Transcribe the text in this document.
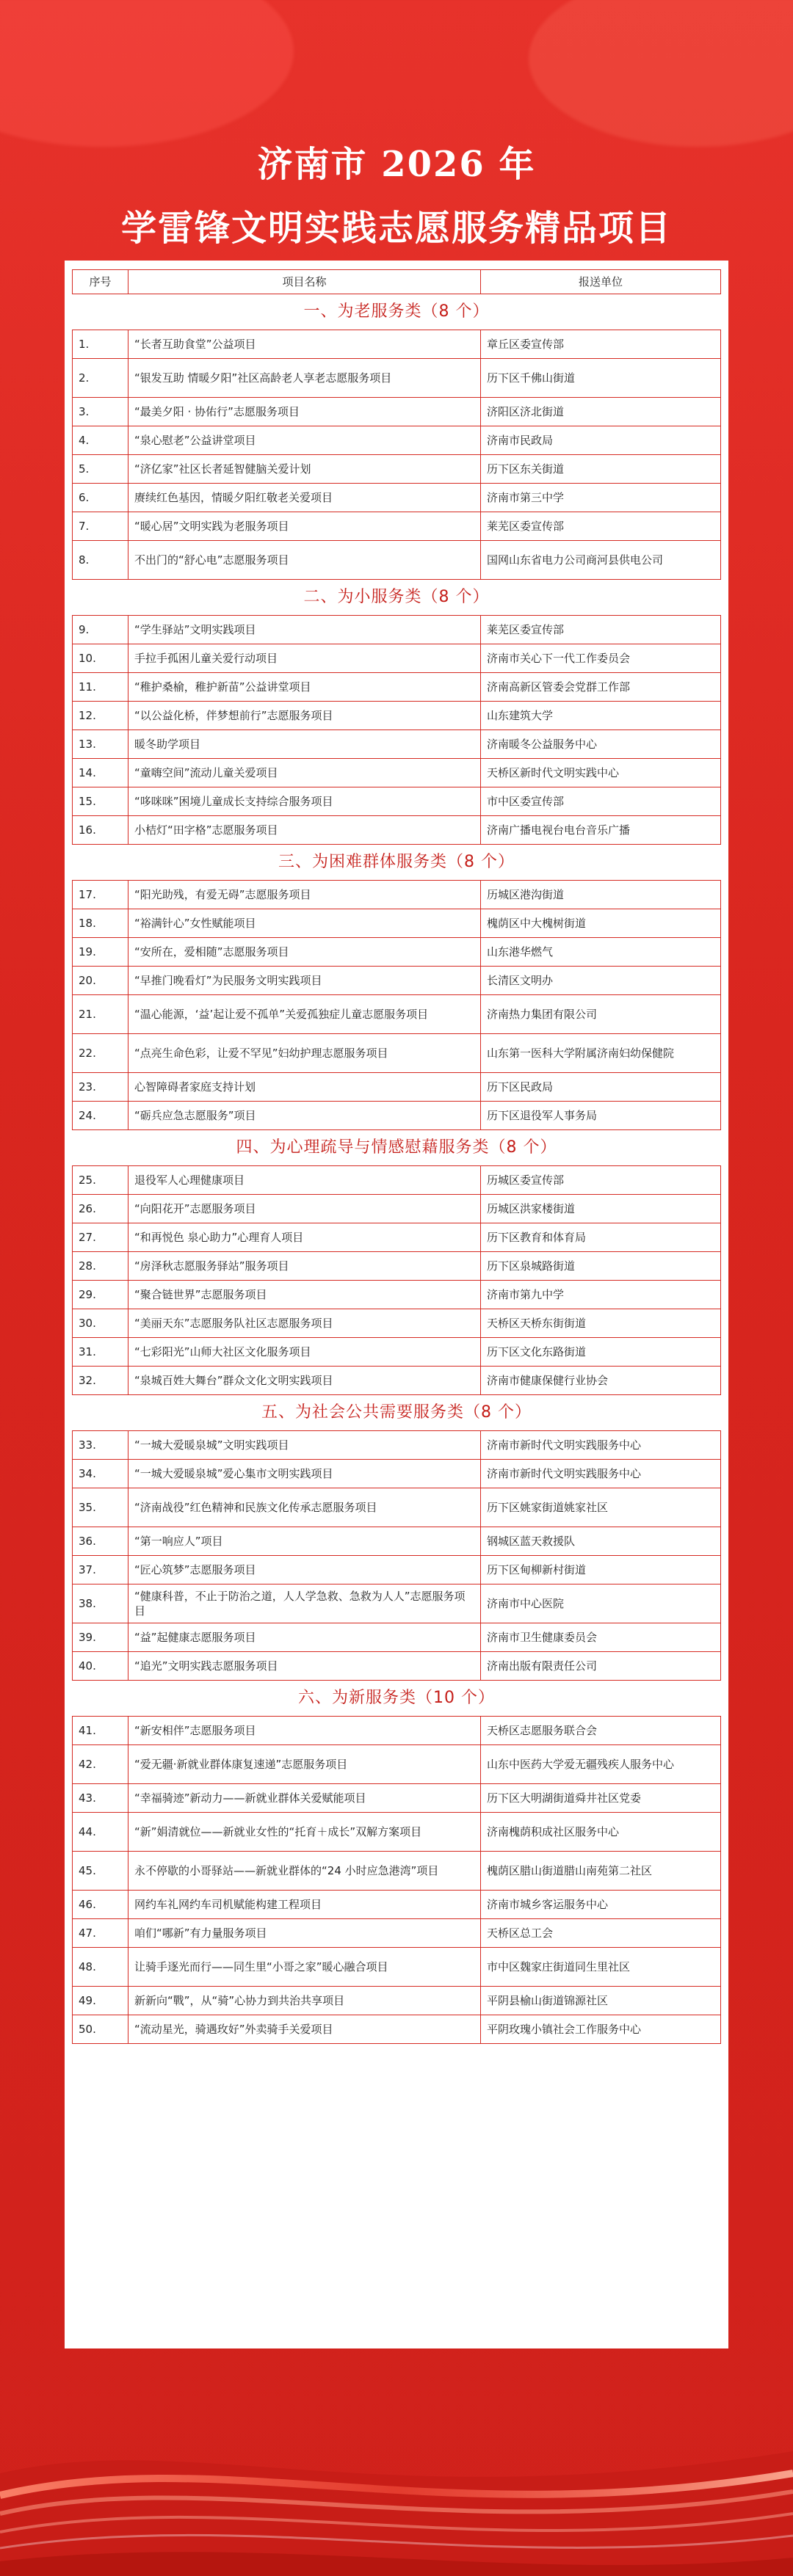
济南市 2026 年
学雷锋文明实践志愿服务精品项目
序号	项目名称	报送单位
一、为老服务类（8 个）		
1.	“长者互助食堂”公益项目	章丘区委宣传部
2.	“银发互助 情暖夕阳”社区高龄老人享老志愿服务项目	历下区千佛山街道
3.	“最美夕阳 · 协佑行”志愿服务项目	济阳区济北街道
4.	“泉心慰老”公益讲堂项目	济南市民政局
5.	“济亿家”社区长者延智健脑关爱计划	历下区东关街道
6.	赓续红色基因，情暖夕阳红敬老关爱项目	济南市第三中学
7.	“暖心居”文明实践为老服务项目	莱芜区委宣传部
8.	不出门的“舒心电”志愿服务项目	国网山东省电力公司商河县供电公司
二、为小服务类（8 个）		
9.	“学生驿站”文明实践项目	莱芜区委宣传部
10.	手拉手孤困儿童关爱行动项目	济南市关心下一代工作委员会
11.	“稚护桑榆，稚护新苗”公益讲堂项目	济南高新区管委会党群工作部
12.	“以公益化桥，伴梦想前行”志愿服务项目	山东建筑大学
13.	暖冬助学项目	济南暖冬公益服务中心
14.	“童嗨空间”流动儿童关爱项目	天桥区新时代文明实践中心
15.	“哆咪咪”困境儿童成长支持综合服务项目	市中区委宣传部
16.	小桔灯“田字格”志愿服务项目	济南广播电视台电台音乐广播
三、为困难群体服务类（8 个）		
17.	“阳光助残，有爱无碍”志愿服务项目	历城区港沟街道
18.	“裕满针心”女性赋能项目	槐荫区中大槐树街道
19.	“安所在，爱相随”志愿服务项目	山东港华燃气
20.	“早推门晚看灯”为民服务文明实践项目	长清区文明办
21.	“温心能源，‘益’起让爱不孤单”关爱孤独症儿童志愿服务项目	济南热力集团有限公司
22.	“点亮生命色彩，让爱不罕见”妇幼护理志愿服务项目	山东第一医科大学附属济南妇幼保健院
23.	心智障碍者家庭支持计划	历下区民政局
24.	“砺兵应急志愿服务”项目	历下区退役军人事务局
四、为心理疏导与情感慰藉服务类（8 个）		
25.	退役军人心理健康项目	历城区委宣传部
26.	“向阳花开”志愿服务项目	历城区洪家楼街道
27.	“和再悦色 泉心助力”心理育人项目	历下区教育和体育局
28.	“房泽秋志愿服务驿站”服务项目	历下区泉城路街道
29.	“聚合链世界”志愿服务项目	济南市第九中学
30.	“美丽天东”志愿服务队社区志愿服务项目	天桥区天桥东街街道
31.	“七彩阳光”山师大社区文化服务项目	历下区文化东路街道
32.	“泉城百姓大舞台”群众文化文明实践项目	济南市健康保健行业协会
五、为社会公共需要服务类（8 个）		
33.	“一城大爱暖泉城”文明实践项目	济南市新时代文明实践服务中心
34.	“一城大爱暖泉城”爱心集市文明实践项目	济南市新时代文明实践服务中心
35.	“济南战役”红色精神和民族文化传承志愿服务项目	历下区姚家街道姚家社区
36.	“第一响应人”项目	钢城区蓝天救援队
37.	“匠心筑梦”志愿服务项目	历下区甸柳新村街道
38.	“健康科普，不止于防治之道，人人学急救、急救为人人”志愿服务项目	济南市中心医院
39.	“益”起健康志愿服务项目	济南市卫生健康委员会
40.	“追光”文明实践志愿服务项目	济南出版有限责任公司
六、为新服务类（10 个）		
41.	“新安相伴”志愿服务项目	天桥区志愿服务联合会
42.	“爱无疆·新就业群体康复速递”志愿服务项目	山东中医药大学爱无疆残疾人服务中心
43.	“幸福骑迹”新动力——新就业群体关爱赋能项目	历下区大明湖街道舜井社区党委
44.	“新”娟清就位——新就业女性的“托育＋成长”双解方案项目	济南槐荫积成社区服务中心
45.	永不停歇的小哥驿站——新就业群体的“24 小时应急港湾”项目	槐荫区腊山街道腊山南苑第二社区
46.	网约车礼网约车司机赋能构建工程项目	济南市城乡客运服务中心
47.	咱们“哪新”有力量服务项目	天桥区总工会
48.	让骑手逐光而行——同生里“小哥之家”暖心融合项目	市中区魏家庄街道同生里社区
49.	新新向“戰”，从“骑”心协力到共治共享项目	平阴县榆山街道锦源社区
50.	“流动星光，骑遇玫好”外卖骑手关爱项目	平阴玫瑰小镇社会工作服务中心
